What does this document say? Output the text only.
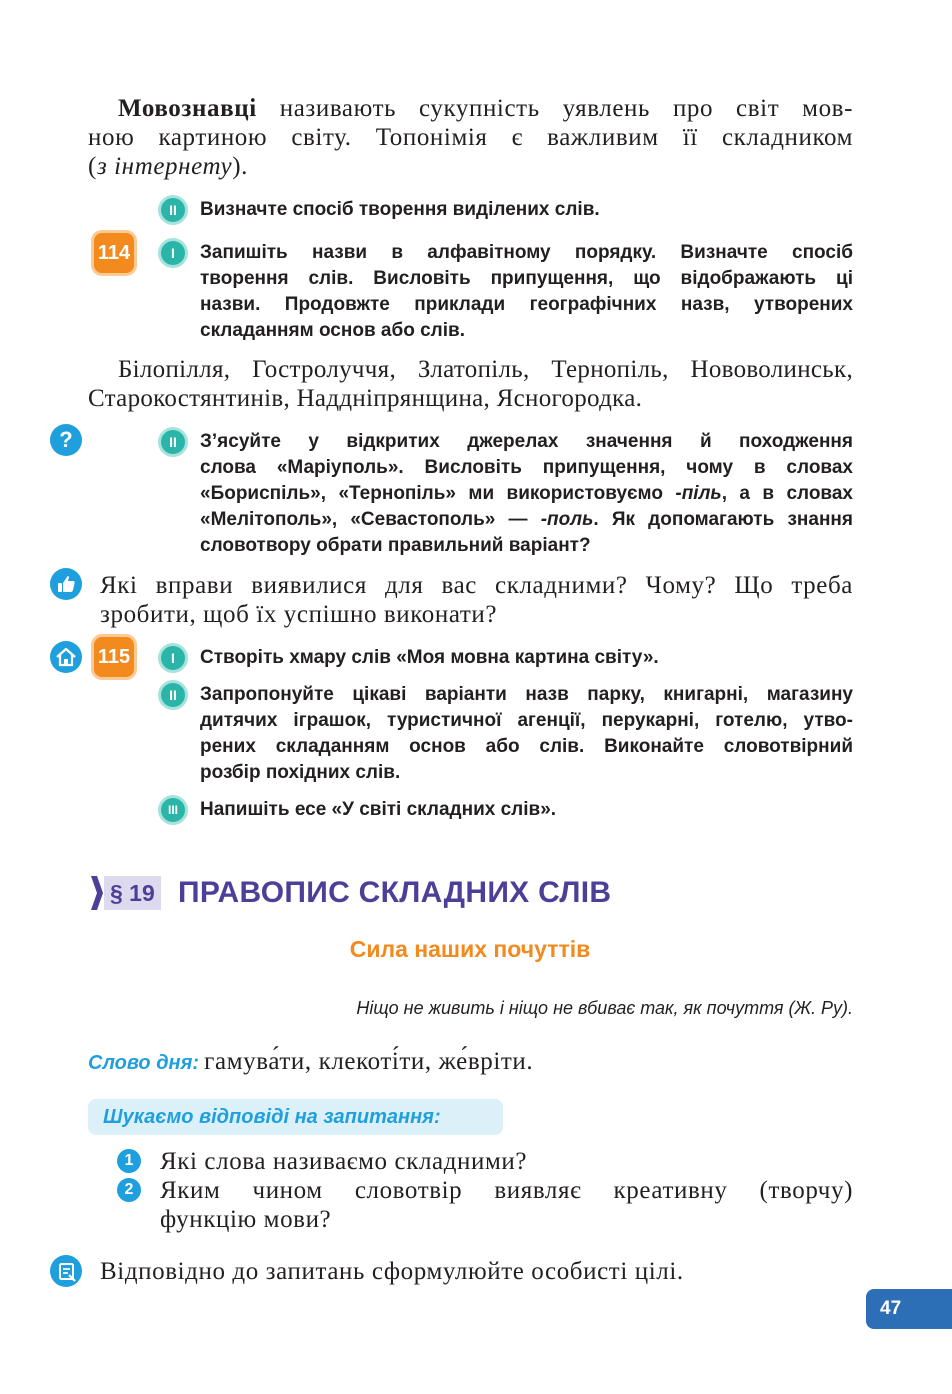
Мовознавці називають сукупність уявлень про світ мов-
ною картиною світу. Топонімія є важливим її складником
(з інтернету).
II	Визначте спосіб творення виділених слів.
114	I	Запишіть назви в алфавітному порядку. Визначте спосіб
творення слів. Висловіть припущення, що відображають ці
назви. Продовжте приклади географічних назв, утворених
складанням основ або слів.
Білопілля, Гостролуччя, Златопіль, Тернопіль, Нововолинськ,
Старокостянтинів, Наддніпрянщина, Ясногородка.
?	II	З’ясуйте у відкритих джерелах значення й походження
слова «Маріуполь». Висловіть припущення, чому в словах
«Бориспіль», «Тернопіль» ми використовуємо -піль, а в словах
«Мелітополь», «Севастополь» — -поль. Як допомагають знання
словотвору обрати правильний варіант?
Які вправи виявилися для вас складними? Чому? Що треба
зробити, щоб їх успішно виконати?
115	I	Створіть хмару слів «Моя мовна картина світу».
II	Запропонуйте цікаві варіанти назв парку, книгарні, магазину
дитячих іграшок, туристичної агенції, перукарні, готелю, утво-
рених складанням основ або слів. Виконайте словотвірний
розбір похідних слів.
III	Напишіть есе «У світі складних слів».
§ 19 ПРАВОПИС СКЛАДНИХ СЛІВ
Сила наших почуттів
Ніщо не живить і ніщо не вбиває так, як почуття (Ж. Ру).
Слово дня: гамува́ти, клекоті́ти, же́вріти.
Шукаємо відповіді на запитання:
1	Які слова називаємо складними?
2	Яким чином словотвір виявляє креативну (творчу)
функцію мови?
Відповідно до запитань сформулюйте особисті цілі.
47
